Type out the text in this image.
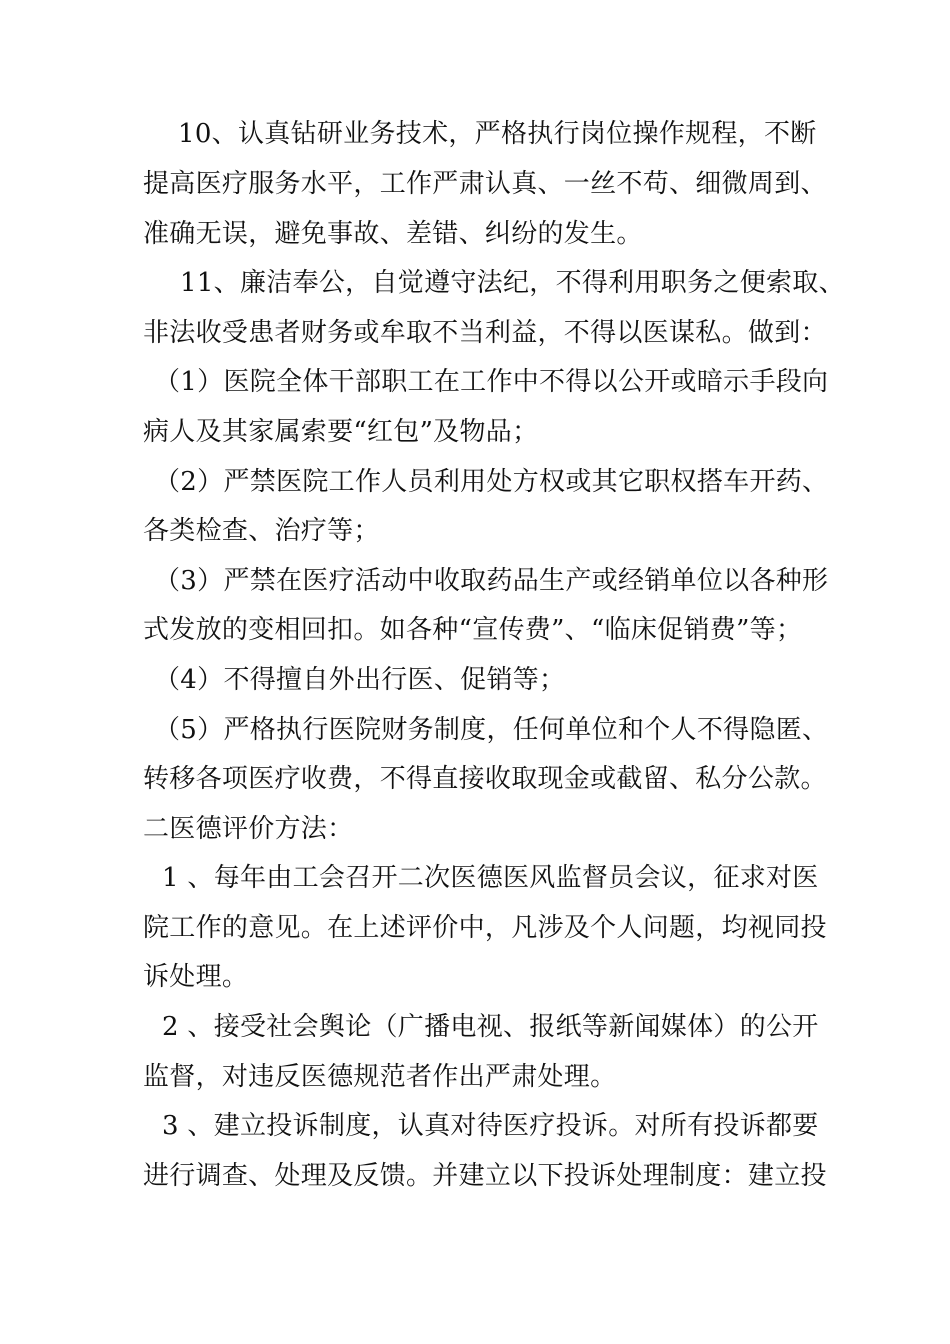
10、认真钻研业务技术，严格执行岗位操作规程，不断
提高医疗服务水平，工作严肃认真、一丝不苟、细微周到、
准确无误，避免事故、差错、纠纷的发生。
11、廉洁奉公，自觉遵守法纪，不得利用职务之便索取、
非法收受患者财务或牟取不当利益，不得以医谋私。做到：
（1）医院全体干部职工在工作中不得以公开或暗示手段向
病人及其家属索要“红包”及物品；
（2）严禁医院工作人员利用处方权或其它职权搭车开药、
各类检查、治疗等；
（3）严禁在医疗活动中收取药品生产或经销单位以各种形
式发放的变相回扣。如各种“宣传费”、“临床促销费”等；
（4）不得擅自外出行医、促销等；
（5）严格执行医院财务制度，任何单位和个人不得隐匿、
转移各项医疗收费，不得直接收取现金或截留、私分公款。
二医德评价方法：
1 、每年由工会召开二次医德医风监督员会议，征求对医
院工作的意见。在上述评价中，凡涉及个人问题，均视同投
诉处理。
2 、接受社会舆论（广播电视、报纸等新闻媒体）的公开
监督，对违反医德规范者作出严肃处理。
3 、建立投诉制度，认真对待医疗投诉。对所有投诉都要
进行调查、处理及反馈。并建立以下投诉处理制度：建立投
